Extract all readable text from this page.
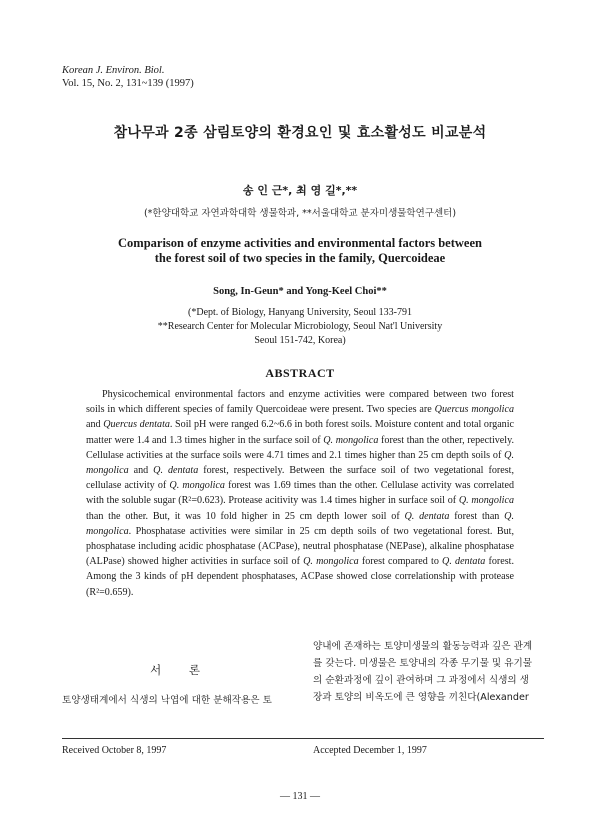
Korean J. Environ. Biol.
Vol. 15, No. 2, 131~139 (1997)
참나무과 2종 삼림토양의 환경요인 및 효소활성도 비교분석
송 인 근*, 최 영 길*,**
(*한양대학교 자연과학대학 생물학과, **서울대학교 분자미생물학연구센터)
Comparison of enzyme activities and environmental factors between
the forest soil of two species in the family, Quercoideae
Song, In-Geun* and Yong-Keel Choi**
(*Dept. of Biology, Hanyang University, Seoul 133-791
**Research Center for Molecular Microbiology, Seoul Nat'l University
Seoul 151-742, Korea)
ABSTRACT

Physicochemical environmental factors and enzyme activities were compared between two forest soils in which different species of family Quercoideae were present. Two species are Quercus mongolica and Quercus dentata. Soil pH were ranged 6.2~6.6 in both forest soils. Moisture content and total organic matter were 1.4 and 1.3 times higher in the surface soil of Q. mongolica forest than the other, repectively. Cellulase activities at the surface soils were 4.71 times and 2.1 times higher than 25 cm depth soils of Q. mongolica and Q. dentata forest, respectively. Between the surface soil of two vegetational forest, cellulase activity of Q. mongolica forest was 1.69 times than the other. Cellulase activity was correlated with the soluble sugar (R²=0.623). Protease acitivity was 1.4 times higher in surface soil of Q. mongolica than the other. But, it was 10 fold higher in 25 cm depth lower soil of Q. dentata forest than Q. mongolica. Phosphatase activities were similar in 25 cm depth soils of two vegetational forest. But, phosphatase including acidic phosphatase (ACPase), neutral phosphatase (NEPase), alkaline phosphatase (ALPase) showed higher activities in surface soil of Q. mongolica forest compared to Q. dentata forest. Among the 3 kinds of pH dependent phosphatases, ACPase showed close correlationship with protease (R²=0.659).

서 론
토양생태계에서 식생의 낙엽에 대한 분해작용은 토
양내에 존재하는 토양미생물의 활동능력과 깊은 관계
를 갖는다. 미생물은 토양내의 각종 무기물 및 유기물
의 순환과정에 깊이 관여하며 그 과정에서 식생의 생
장과 토양의 비옥도에 큰 영향을 끼친다(Alexander
Received October 8, 1997	Accepted December 1, 1997
— 131 —
